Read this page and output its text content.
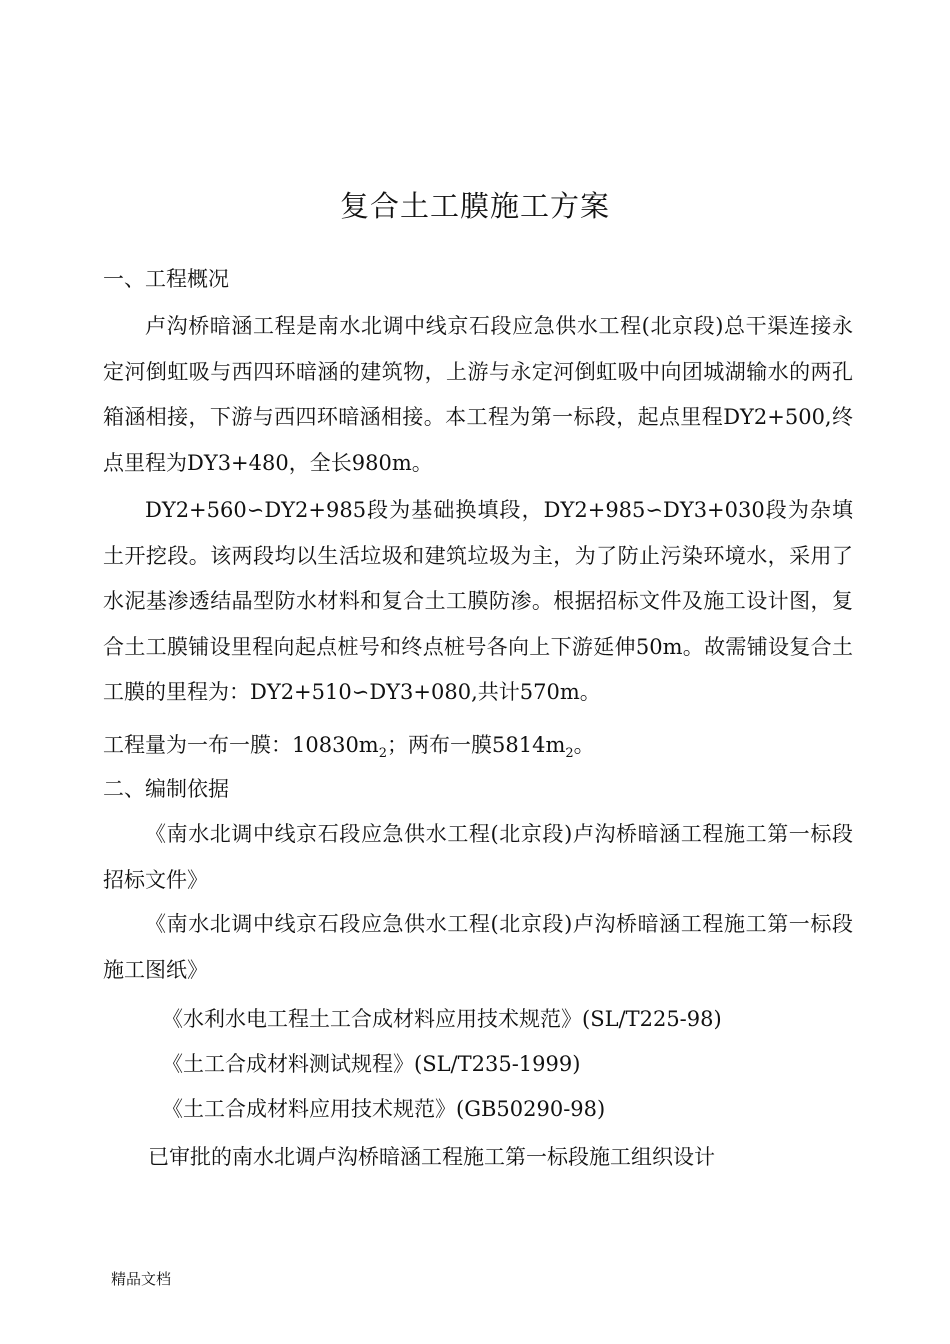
复合土工膜施工方案
一、工程概况

卢沟桥暗涵工程是南水北调中线京石段应急供水工程(北京段)总干渠连接永定河倒虹吸与西四环暗涵的建筑物，上游与永定河倒虹吸中向团城湖输水的两孔箱涵相接，下游与西四环暗涵相接。本工程为第一标段，起点里程DY2+500,终点里程为DY3+480，全长980m。

DY2+560∽DY2+985段为基础换填段，DY2+985∽DY3+030段为杂填土开挖段。该两段均以生活垃圾和建筑垃圾为主，为了防止污染环境水，采用了水泥基渗透结晶型防水材料和复合土工膜防渗。根据招标文件及施工设计图，复合土工膜铺设里程向起点桩号和终点桩号各向上下游延伸50m。故需铺设复合土工膜的里程为：DY2+510∽DY3+080,共计570m。

工程量为一布一膜：$10830m_2$；两布一膜$5814m_2$。
二、编制依据

《南水北调中线京石段应急供水工程(北京段)卢沟桥暗涵工程施工第一标段招标文件》

《南水北调中线京石段应急供水工程(北京段)卢沟桥暗涵工程施工第一标段施工图纸》

《水利水电工程土工合成材料应用技术规范》(SL/T225-98)
《土工合成材料测试规程》(SL/T235-1999)
《土工合成材料应用技术规范》(GB50290-98)
已审批的南水北调卢沟桥暗涵工程施工第一标段施工组织设计
精品文档
